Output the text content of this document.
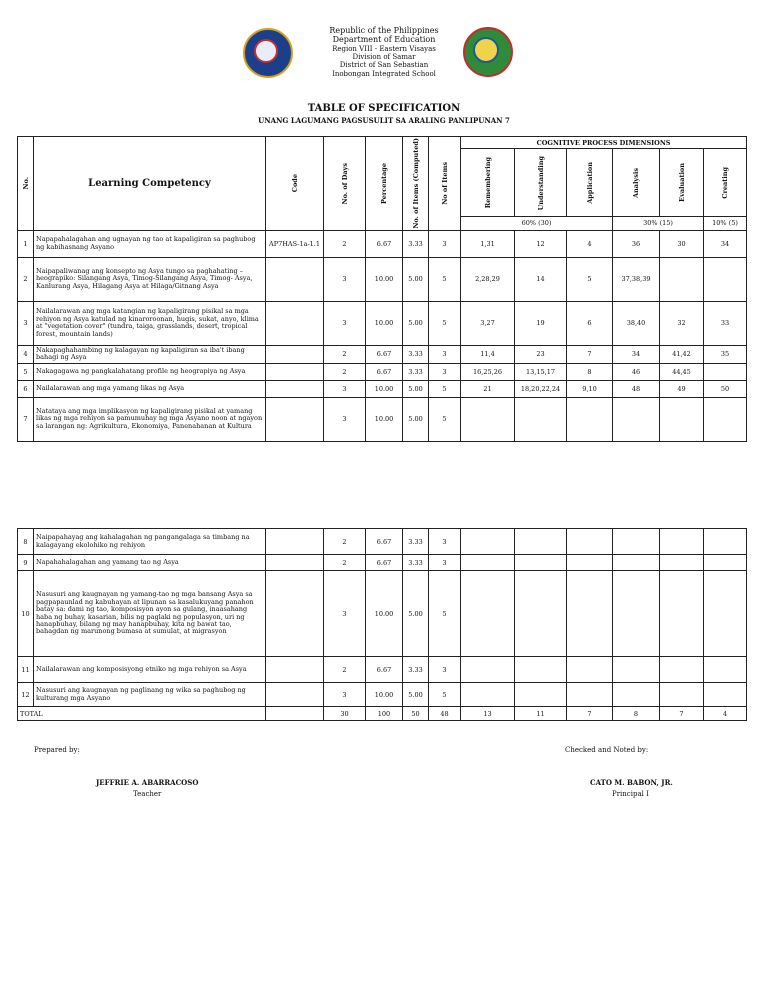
Republic of the Philippines
Department of Education
Region VIII - Eastern Visayas
Division of Samar
District of San Sebastian
Inobongan Integrated School
TABLE OF SPECIFICATION
UNANG LAGUMANG PAGSUSULIT SA ARALING PANLIPUNAN 7
No.	Learning Competency	Code	No. of Days	Percentage	No. of Items (Computed)	No of Items	COGNITIVE PROCESS DIMENSIONS					

							Remembering	Understanding	Application	Analysis	Evaluation	Creating

							60% (30)			30% (15)		10% (5)
1	Napapahalagahan ang ugnayan ng tao at kapaligiran sa paghubog ng kabihasnang Asyano	AP7HAS-1a-1.1	2	6.67	3.33	3	1,31	12	4	36	30	34
2	Naipapaliwanag ang konsepto ng Asya tungo sa paghahating – heograpiko: Silangang Asya, Timog-Silangang Asya, Timog- Asya, Kanlurang Asya, Hilagang Asya at Hilaga/Gitnang Asya		3	10.00	5.00	5	2,28,29	14	5	37,38,39		
3	Nailalarawan ang mga katangian ng kapaligirang pisikal sa mga rehiyon ng Asya katulad ng kinaroroonan, hugis, sukat, anyo, klima at "vegetation cover" (tundra, taiga, grasslands, desert, tropical forest, mountain lands)		3	10.00	5.00	5	3,27	19	6	38,40	32	33
4	Nakapaghahambing ng kalagayan ng kapaligiran sa iba't ibang bahagi ng Asya		2	6.67	3.33	3	11,4	23	7	34	41,42	35
5	Nakagagawa ng pangkalahatang profile ng heograpiya ng Asya		2	6.67	3.33	3	16,25,26	13,15,17	8	46	44,45	
6	Nailalarawan ang mga yamang likas ng Asya		3	10.00	5.00	5	21	18,20,22,24	9,10	48	49	50
7	Natataya ang mga implikasyon ng kapaligirang pisikal at yamang likas ng mga rehiyon sa pamumuhay ng mga Asyano noon at ngayon sa larangan ng: Agrikultura, Ekonomiya, Panenahanan at Kultura		3	10.00	5.00	5						
8	Naipapahayag ang kahalagahan ng pangangalaga sa timbang na kalagayang ekolohiko ng rehiyon		2	6.67	3.33	3						
9	Napahahalagahan ang yamang tao ng Asya		2	6.67	3.33	3						
10	Nasusuri ang kaugnayan ng yamang-tao ng mga bansang Asya sa pagpapaunlad ng kabuhayan at lipunan sa kasalukuyang panahon batay sa: dami ng tao, komposisyon ayon sa gulang, inaasahang haba ng buhay, kasarian, bilis ng paglaki ng populasyon, uri ng hanapbuhay, bilang ng may hanapbuhay, kita ng bawat tao, bahagdan ng marunong bumasa at sumulat, at migrasyon		3	10.00	5.00	5						
11	Nailalarawan ang komposisyong etniko ng mga rehiyon sa Asya		2	6.67	3.33	3						
12	Nasusuri ang kaugnayan ng paglinang ng wika sa paghubog ng kulturang mga Asyano		3	10.00	5.00	5						
TOTAL			30	100	50	48	13	11	7	8	7	4
Prepared by:
JEFFRIE A. ABARRACOSO
Teacher
Checked and Noted by:
CATO M. BABON, JR.
Principal I
